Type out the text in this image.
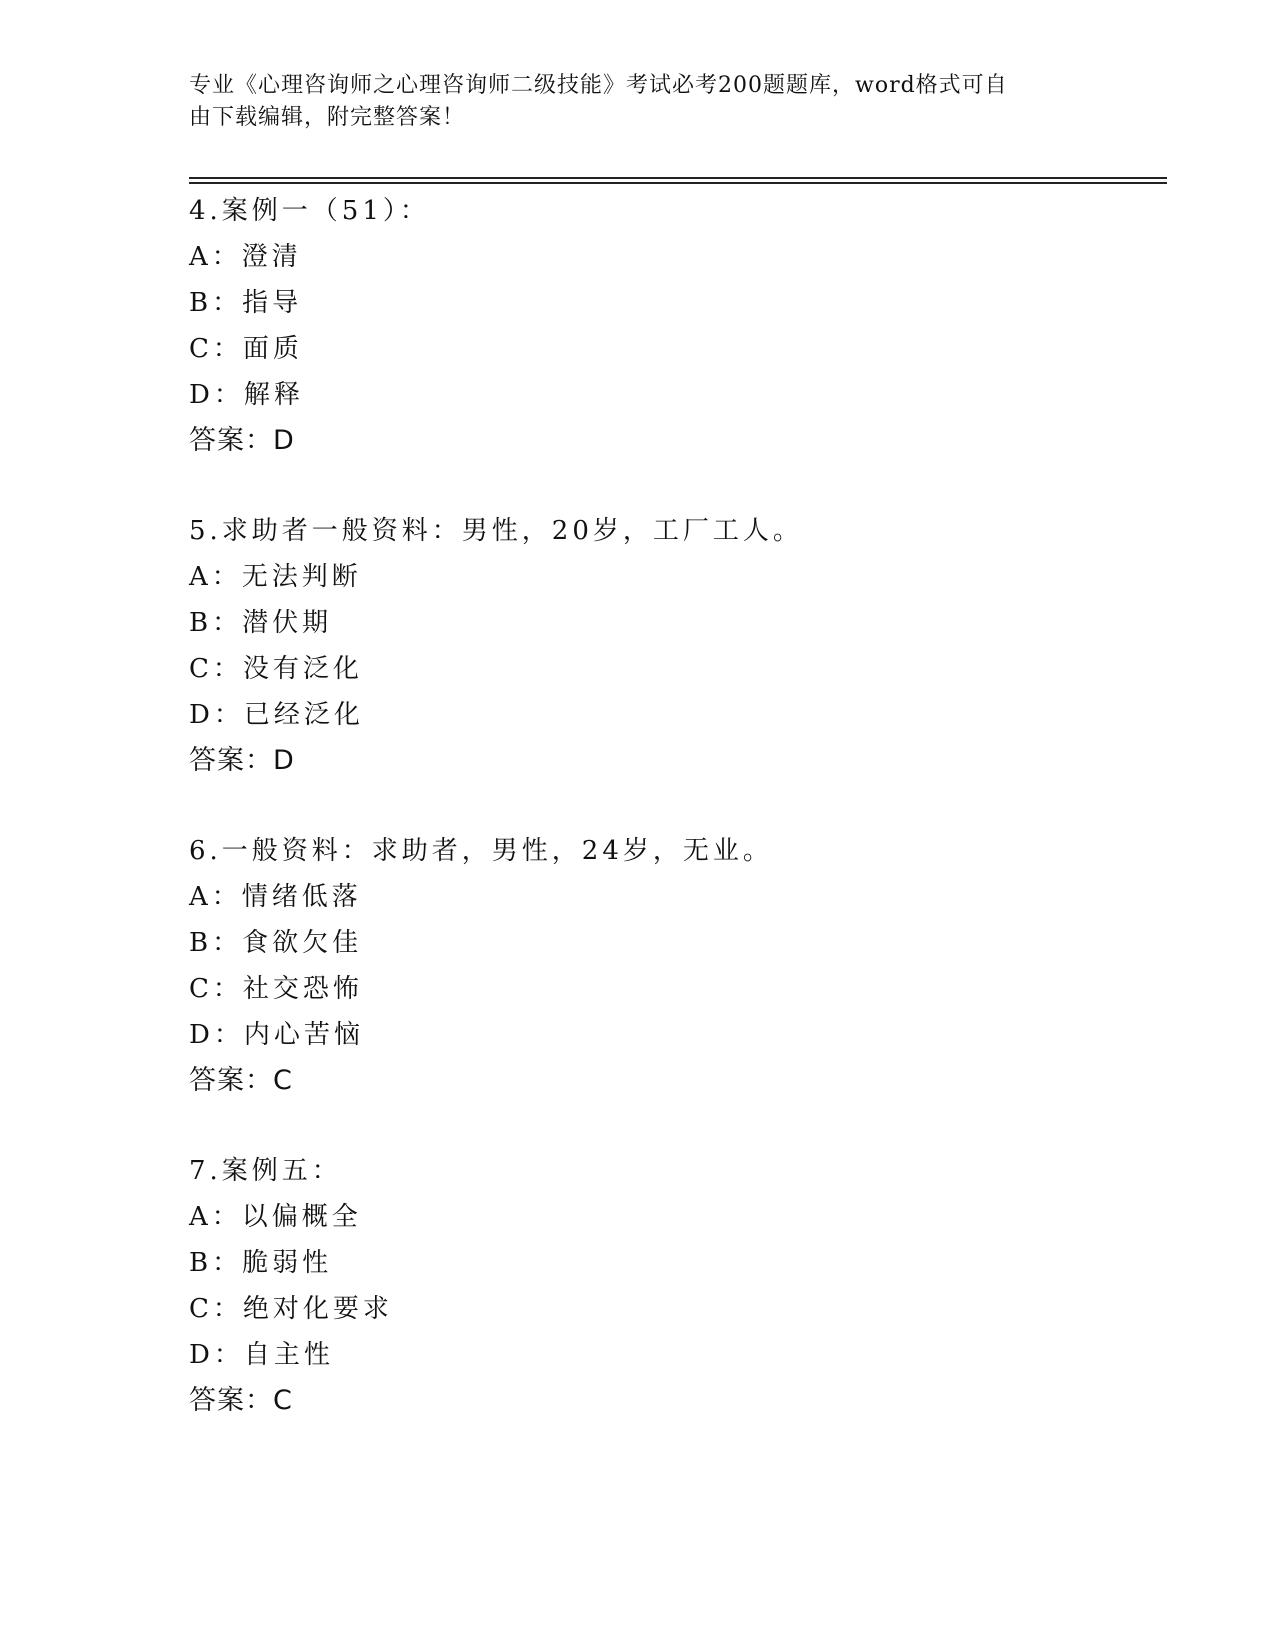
专业《心理咨询师之心理咨询师二级技能》考试必考200题题库，word格式可自
由下载编辑，附完整答案！
4.案例一（51）：
A：澄清
B：指导
C：面质
D：解释
答案：D
5.求助者一般资料：男性，20岁，工厂工人。
A：无法判断
B：潜伏期
C：没有泛化
D：已经泛化
答案：D
6.一般资料：求助者，男性，24岁，无业。
A：情绪低落
B：食欲欠佳
C：社交恐怖
D：内心苦恼
答案：C
7.案例五：
A：以偏概全
B：脆弱性
C：绝对化要求
D：自主性
答案：C
